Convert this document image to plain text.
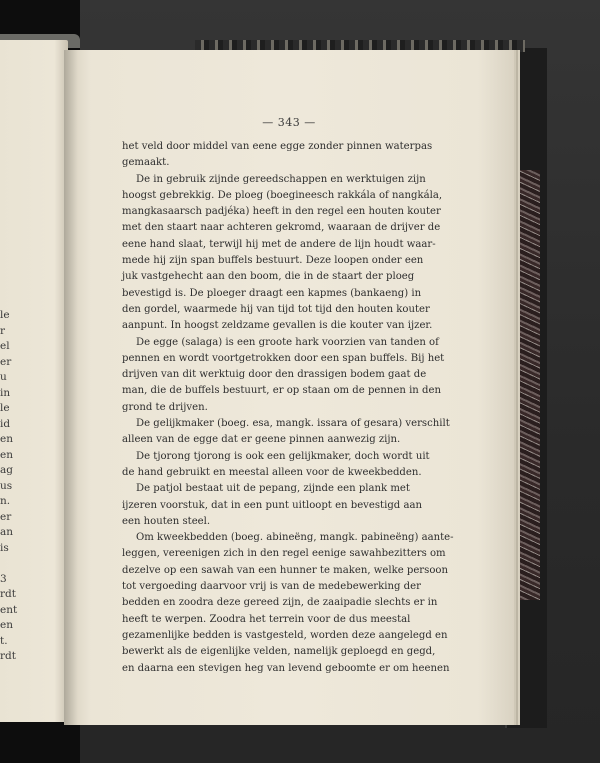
le
r
el
er
u
in
le
id
en
en
ag
us
n.
er
an
is
3
rdt
ent
en
t.
rdt
— 343 —
het veld door middel van eene egge zonder pinnen waterpas
gemaakt.
De in gebruik zijnde gereedschappen en werktuigen zijn
hoogst gebrekkig. De ploeg (boegineesch rakkála of nangkála,
mangkasaarsch padjéka) heeft in den regel een houten kouter
met den staart naar achteren gekromd, waaraan de drijver de
eene hand slaat, terwijl hij met de andere de lijn houdt waar-
mede hij zijn span buffels bestuurt. Deze loopen onder een
juk vastgehecht aan den boom, die in de staart der ploeg
bevestigd is. De ploeger draagt een kapmes (bankaeng) in
den gordel, waarmede hij van tijd tot tijd den houten kouter
aanpunt. In hoogst zeldzame gevallen is die kouter van ijzer.
De egge (salaga) is een groote hark voorzien van tanden of
pennen en wordt voortgetrokken door een span buffels. Bij het
drijven van dit werktuig door den drassigen bodem gaat de
man, die de buffels bestuurt, er op staan om de pennen in den
grond te drijven.
De gelijkmaker (boeg. esa, mangk. issara of gesara) verschilt
alleen van de egge dat er geene pinnen aanwezig zijn.
De tjorong tjorong is ook een gelijkmaker, doch wordt uit
de hand gebruikt en meestal alleen voor de kweekbedden.
De patjol bestaat uit de pepang, zijnde een plank met
ijzeren voorstuk, dat in een punt uitloopt en bevestigd aan
een houten steel.
Om kweekbedden (boeg. abineëng, mangk. pabineëng) aante-
leggen, vereenigen zich in den regel eenige sawahbezitters om
dezelve op een sawah van een hunner te maken, welke persoon
tot vergoeding daarvoor vrij is van de medebewerking der
bedden en zoodra deze gereed zijn, de zaaipadie slechts er in
heeft te werpen. Zoodra het terrein voor de dus meestal
gezamenlijke bedden is vastgesteld, worden deze aangelegd en
bewerkt als de eigenlijke velden, namelijk geploegd en gegd,
en daarna een stevigen heg van levend geboomte er om heenen
